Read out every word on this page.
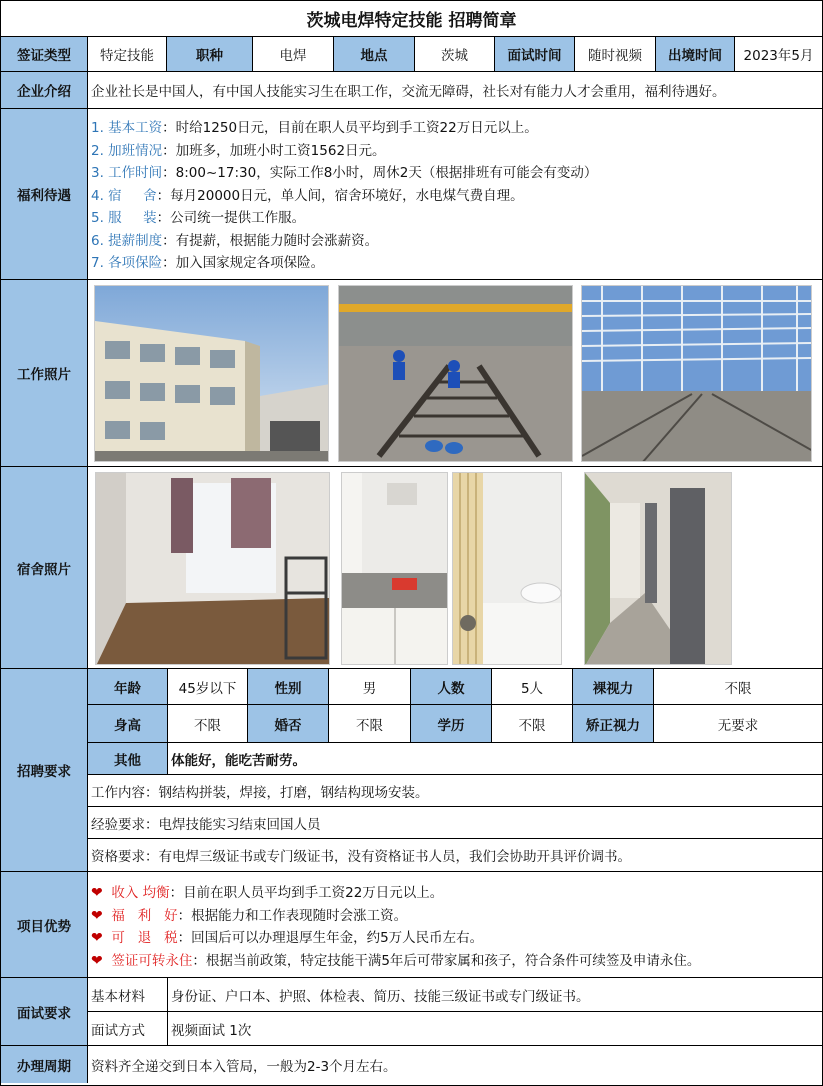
茨城电焊特定技能 招聘简章
签证类型	特定技能	职种	电焊	地点	茨城	面试时间	随时视频	出境时间	2023年5月
企业介绍	企业社长是中国人，有中国人技能实习生在职工作，交流无障碍，社长对有能力人才会重用，福利待遇好。
福利待遇
1. 基本工资：时给1250日元，目前在职人员平均到手工资22万日元以上。
2. 加班情况：加班多，加班小时工资1562日元。
3. 工作时间：8:00~17:30，实际工作8小时，周休2天（根据排班有可能会有变动）
4. 宿     舍：每月20000日元，单人间，宿舍环境好，水电煤气费自理。
5. 服     装：公司统一提供工作服。
6. 提薪制度：有提薪，根据能力随时会涨薪资。
7. 各项保险：加入国家规定各项保险。
工作照片
宿舍照片
招聘要求
年龄	45岁以下	性别	男	人数	5人	裸视力	不限
身高	不限	婚否	不限	学历	不限	矫正视力	无要求
其他	体能好，能吃苦耐劳。
工作内容：钢结构拼装，焊接，打磨，钢结构现场安装。
经验要求：电焊技能实习结束回国人员
资格要求：有电焊三级证书或专门级证书，没有资格证书人员，我们会协助开具评价调书。
项目优势
❤ 收入 均衡：目前在职人员平均到手工资22万日元以上。
❤ 福   利   好：根据能力和工作表现随时会涨工资。
❤ 可   退   税：回国后可以办理退厚生年金，约5万人民币左右。
❤ 签证可转永住：根据当前政策，特定技能干满5年后可带家属和孩子，符合条件可续签及申请永住。
面试要求
基本材料	身份证、户口本、护照、体检表、简历、技能三级证书或专门级证书。
面试方式	视频面试 1次
办理周期	资料齐全递交到日本入管局，一般为2-3个月左右。
